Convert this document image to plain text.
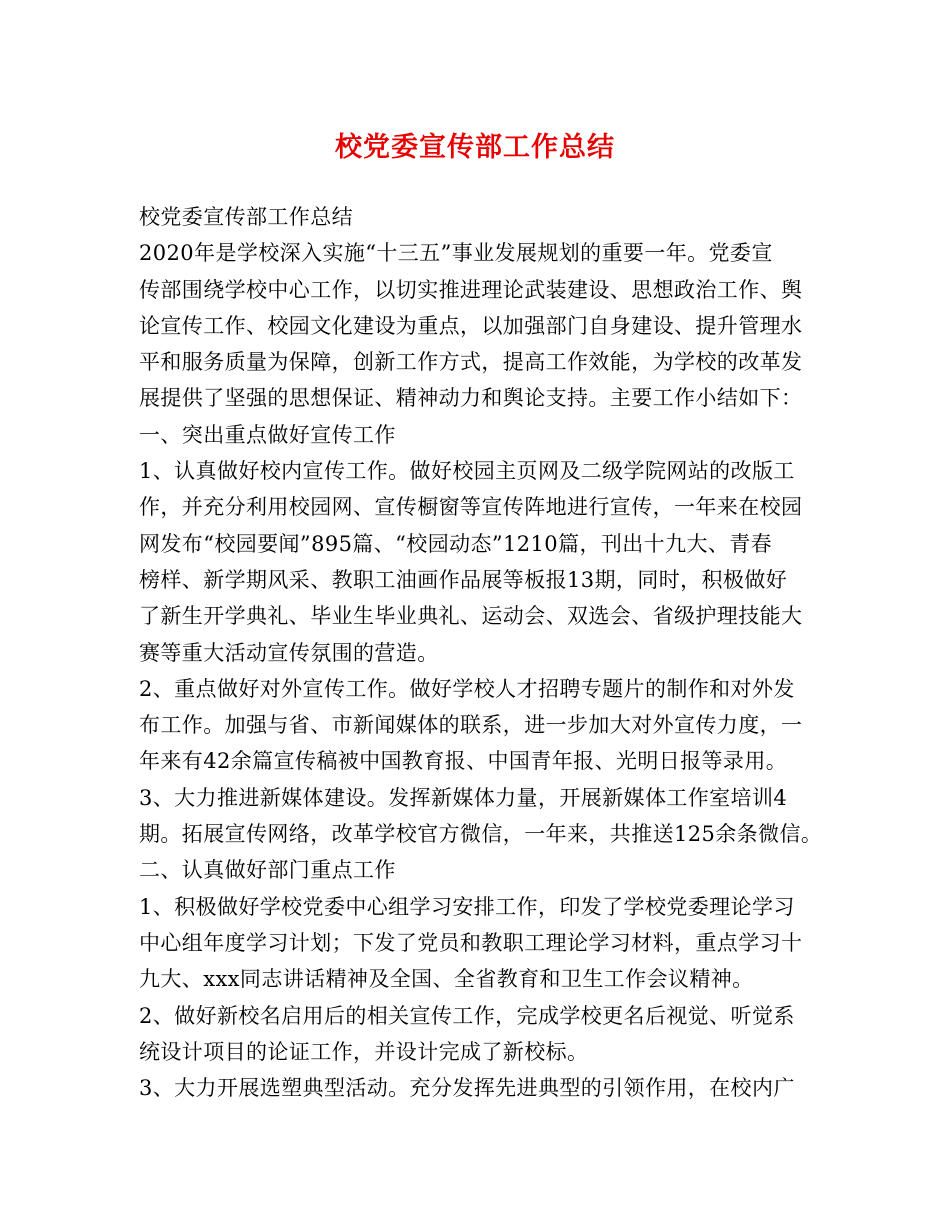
校党委宣传部工作总结
校党委宣传部工作总结
2020年是学校深入实施“十三五”事业发展规划的重要一年。党委宣
传部围绕学校中心工作，以切实推进理论武装建设、思想政治工作、舆
论宣传工作、校园文化建设为重点，以加强部门自身建设、提升管理水
平和服务质量为保障，创新工作方式，提高工作效能，为学校的改革发
展提供了坚强的思想保证、精神动力和舆论支持。主要工作小结如下：
一、突出重点做好宣传工作
1、认真做好校内宣传工作。做好校园主页网及二级学院网站的改版工
作，并充分利用校园网、宣传橱窗等宣传阵地进行宣传，一年来在校园
网发布“校园要闻”895篇、“校园动态”1210篇，刊出十九大、青春
榜样、新学期风采、教职工油画作品展等板报13期，同时，积极做好
了新生开学典礼、毕业生毕业典礼、运动会、双选会、省级护理技能大
赛等重大活动宣传氛围的营造。
2、重点做好对外宣传工作。做好学校人才招聘专题片的制作和对外发
布工作。加强与省、市新闻媒体的联系，进一步加大对外宣传力度，一
年来有42余篇宣传稿被中国教育报、中国青年报、光明日报等录用。
3、大力推进新媒体建设。发挥新媒体力量，开展新媒体工作室培训4
期。拓展宣传网络，改革学校官方微信，一年来，共推送125余条微信。
二、认真做好部门重点工作
1、积极做好学校党委中心组学习安排工作，印发了学校党委理论学习
中心组年度学习计划；下发了党员和教职工理论学习材料，重点学习十
九大、xxx同志讲话精神及全国、全省教育和卫生工作会议精神。
2、做好新校名启用后的相关宣传工作，完成学校更名后视觉、听觉系
统设计项目的论证工作，并设计完成了新校标。
3、大力开展选塑典型活动。充分发挥先进典型的引领作用，在校内广
